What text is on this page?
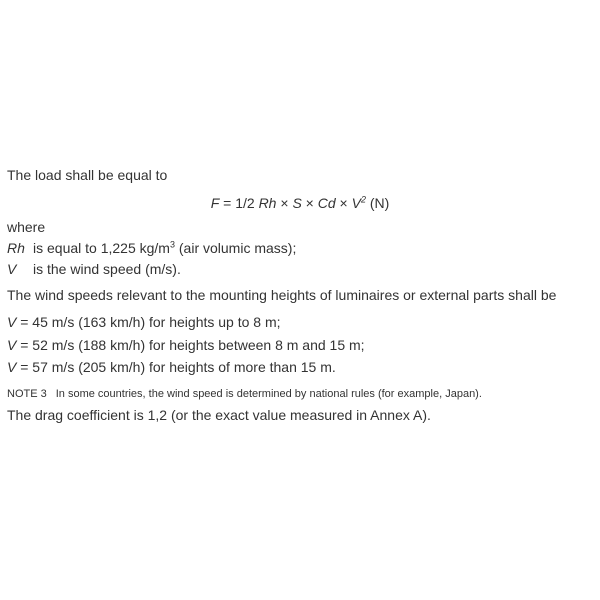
The load shall be equal to
F = 1/2 $Rh \times S \times Cd \times V^2$ (N)
where
Rh is equal to 1,225 $kg/m^3$ (air volumic mass);
V is the wind speed (m/s).
The wind speeds relevant to the mounting heights of luminaires or external parts shall be
V = 45 m/s (163 km/h) for heights up to 8 m;
V = 52 m/s (188 km/h) for heights between 8 m and 15 m;
V = 57 m/s (205 km/h) for heights of more than 15 m.
NOTE 3 In some countries, the wind speed is determined by national rules (for example, Japan).
The drag coefficient is 1,2 (or the exact value measured in Annex A).
